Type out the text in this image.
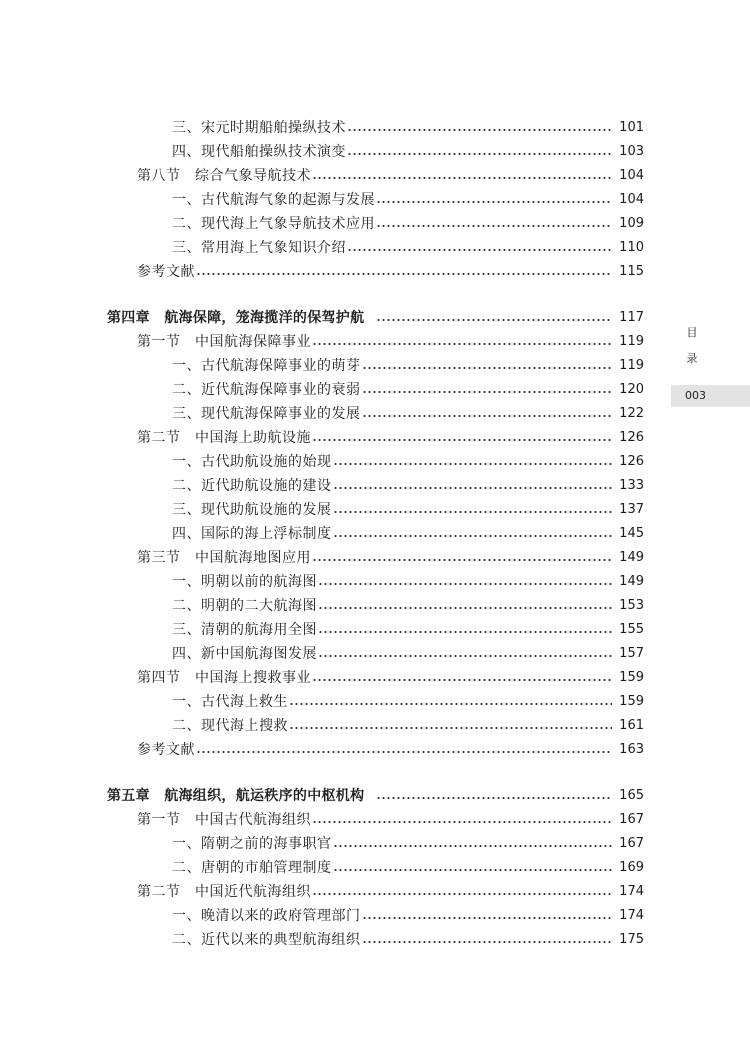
三、宋元时期船舶操纵技术	101
四、现代船舶操纵技术演变	103
第八节　综合气象导航技术	104
一、古代航海气象的起源与发展	104
二、现代海上气象导航技术应用	109
三、常用海上气象知识介绍	110
参考文献	115
第四章　航海保障，笼海揽洋的保驾护航	117
第一节　中国航海保障事业	119
一、古代航海保障事业的萌芽	119
二、近代航海保障事业的衰弱	120
三、现代航海保障事业的发展	122
第二节　中国海上助航设施	126
一、古代助航设施的始现	126
二、近代助航设施的建设	133
三、现代助航设施的发展	137
四、国际的海上浮标制度	145
第三节　中国航海地图应用	149
一、明朝以前的航海图	149
二、明朝的二大航海图	153
三、清朝的航海用全图	155
四、新中国航海图发展	157
第四节　中国海上搜救事业	159
一、古代海上救生	159
二、现代海上搜救	161
参考文献	163
第五章　航海组织，航运秩序的中枢机构	165
第一节　中国古代航海组织	167
一、隋朝之前的海事职官	167
二、唐朝的市舶管理制度	169
第二节　中国近代航海组织	174
一、晚清以来的政府管理部门	174
二、近代以来的典型航海组织	175
目
录
003
